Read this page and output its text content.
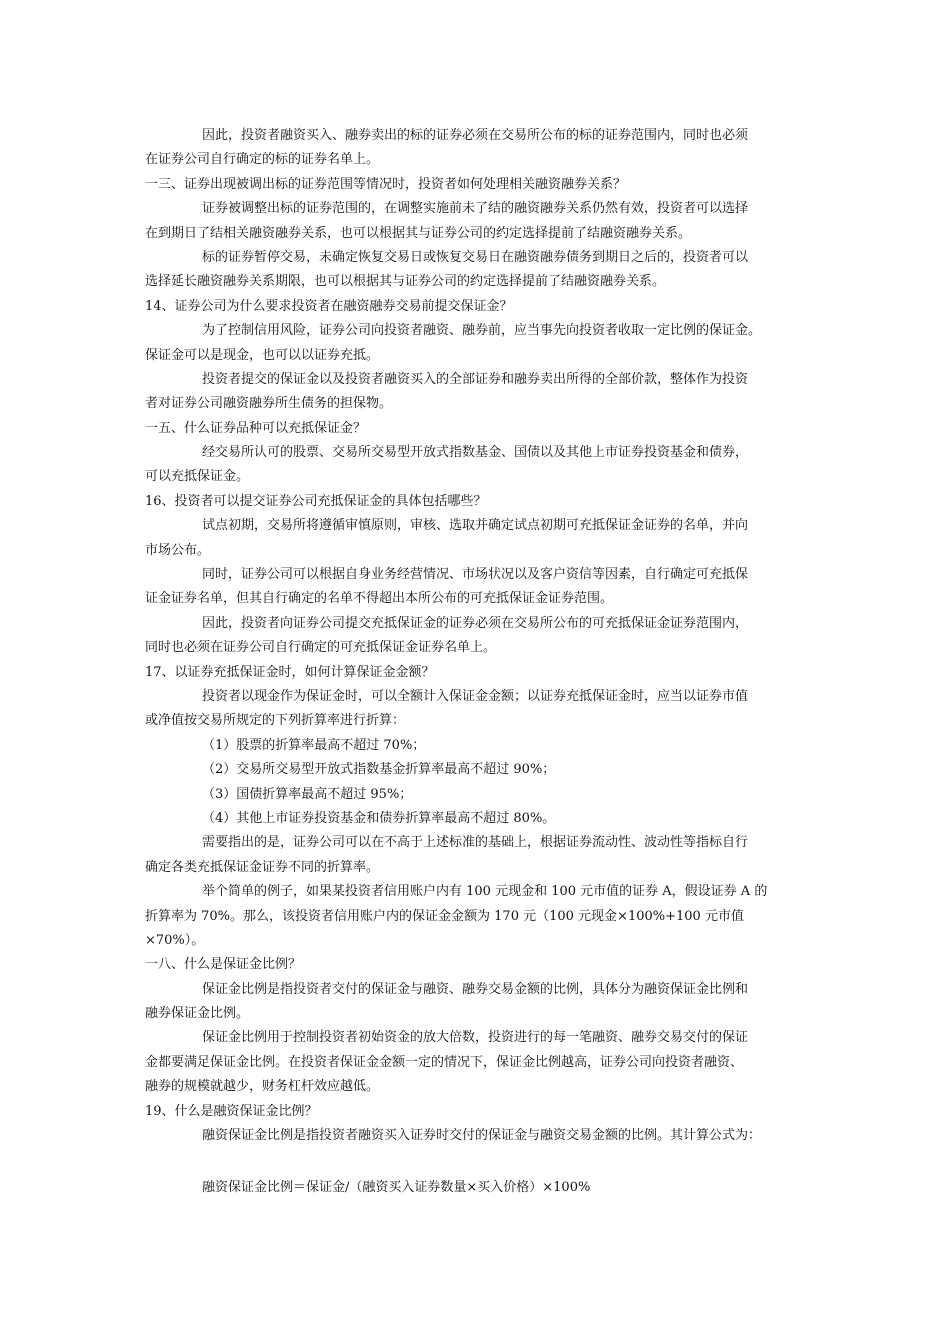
因此，投资者融资买入、融券卖出的标的证券必须在交易所公布的标的证券范围内，同时也必须
在证券公司自行确定的标的证券名单上。
一三、证券出现被调出标的证券范围等情况时，投资者如何处理相关融资融券关系？
证券被调整出标的证券范围的，在调整实施前未了结的融资融券关系仍然有效，投资者可以选择
在到期日了结相关融资融券关系，也可以根据其与证券公司的约定选择提前了结融资融券关系。
标的证券暂停交易，未确定恢复交易日或恢复交易日在融资融券债务到期日之后的，投资者可以
选择延长融资融券关系期限，也可以根据其与证券公司的约定选择提前了结融资融券关系。
14、证券公司为什么要求投资者在融资融券交易前提交保证金？
为了控制信用风险，证券公司向投资者融资、融券前，应当事先向投资者收取一定比例的保证金。
保证金可以是现金，也可以以证券充抵。
投资者提交的保证金以及投资者融资买入的全部证券和融券卖出所得的全部价款，整体作为投资
者对证券公司融资融券所生债务的担保物。
一五、什么证券品种可以充抵保证金？
经交易所认可的股票、交易所交易型开放式指数基金、国债以及其他上市证券投资基金和债券，
可以充抵保证金。
16、投资者可以提交证券公司充抵保证金的具体包括哪些？
试点初期，交易所将遵循审慎原则，审核、选取并确定试点初期可充抵保证金证券的名单，并向
市场公布。
同时，证券公司可以根据自身业务经营情况、市场状况以及客户资信等因素，自行确定可充抵保
证金证券名单，但其自行确定的名单不得超出本所公布的可充抵保证金证券范围。
因此，投资者向证券公司提交充抵保证金的证券必须在交易所公布的可充抵保证金证券范围内，
同时也必须在证券公司自行确定的可充抵保证金证券名单上。
17、以证券充抵保证金时，如何计算保证金金额？
投资者以现金作为保证金时，可以全额计入保证金金额；以证券充抵保证金时，应当以证券市值
或净值按交易所规定的下列折算率进行折算：
（1）股票的折算率最高不超过 70%；
（2）交易所交易型开放式指数基金折算率最高不超过 90%；
（3）国债折算率最高不超过 95%；
（4）其他上市证券投资基金和债券折算率最高不超过 80%。
需要指出的是，证券公司可以在不高于上述标准的基础上，根据证券流动性、波动性等指标自行
确定各类充抵保证金证券不同的折算率。
举个简单的例子，如果某投资者信用账户内有 100 元现金和 100 元市值的证券 A，假设证券 A 的
折算率为 70%。那么，该投资者信用账户内的保证金金额为 170 元（100 元现金×100%+100 元市值
×70%）。
一八、什么是保证金比例？
保证金比例是指投资者交付的保证金与融资、融券交易金额的比例，具体分为融资保证金比例和
融券保证金比例。
保证金比例用于控制投资者初始资金的放大倍数，投资进行的每一笔融资、融券交易交付的保证
金都要满足保证金比例。在投资者保证金金额一定的情况下，保证金比例越高，证券公司向投资者融资、
融券的规模就越少，财务杠杆效应越低。
19、什么是融资保证金比例？
融资保证金比例是指投资者融资买入证券时交付的保证金与融资交易金额的比例。其计算公式为：
融资保证金比例＝保证金/（融资买入证券数量×买入价格）×100%
